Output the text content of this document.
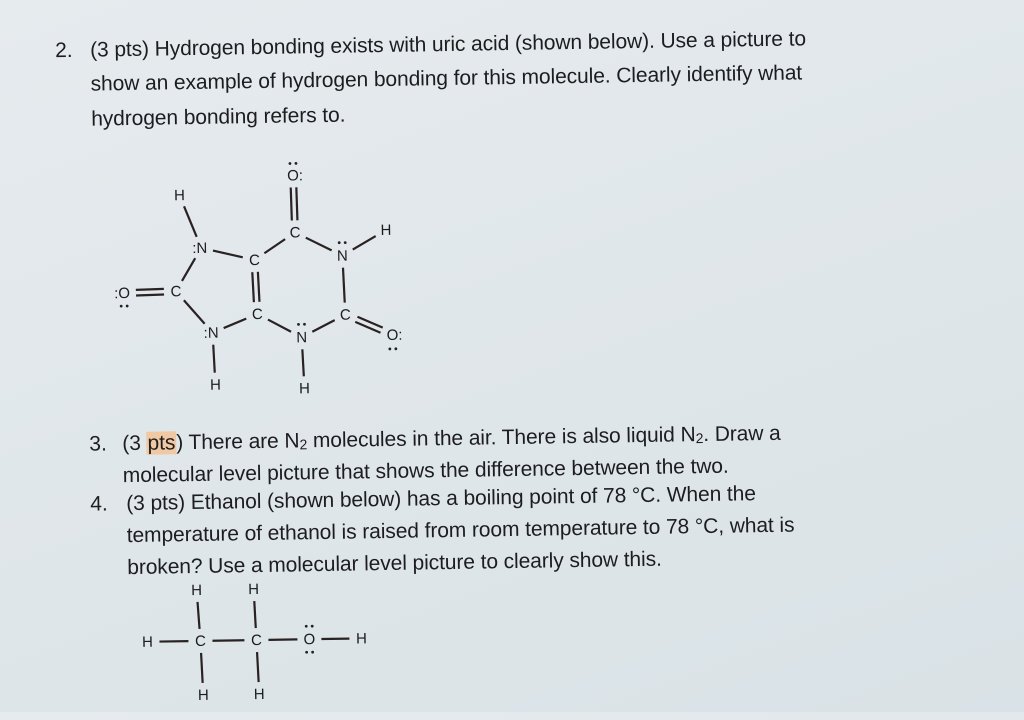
2. (3 pts) Hydrogen bonding exists with uric acid (shown below). Use a picture to
show an example of hydrogen bonding for this molecule. Clearly identify what
hydrogen bonding refers to.
O:
C
N
H
C
O:
N
H
C
C
:N
H
C
:O
:N
H
3. (3 pts) There are $N_2$ molecules in the air. There is also liquid $N_2$. Draw a
molecular level picture that shows the difference between the two.
4. (3 pts) Ethanol (shown below) has a boiling point of 78 °C. When the
temperature of ethanol is raised from room temperature to 78 °C, what is
broken? Use a molecular level picture to clearly show this.
H	H
H	C	C	O	H
H	H
